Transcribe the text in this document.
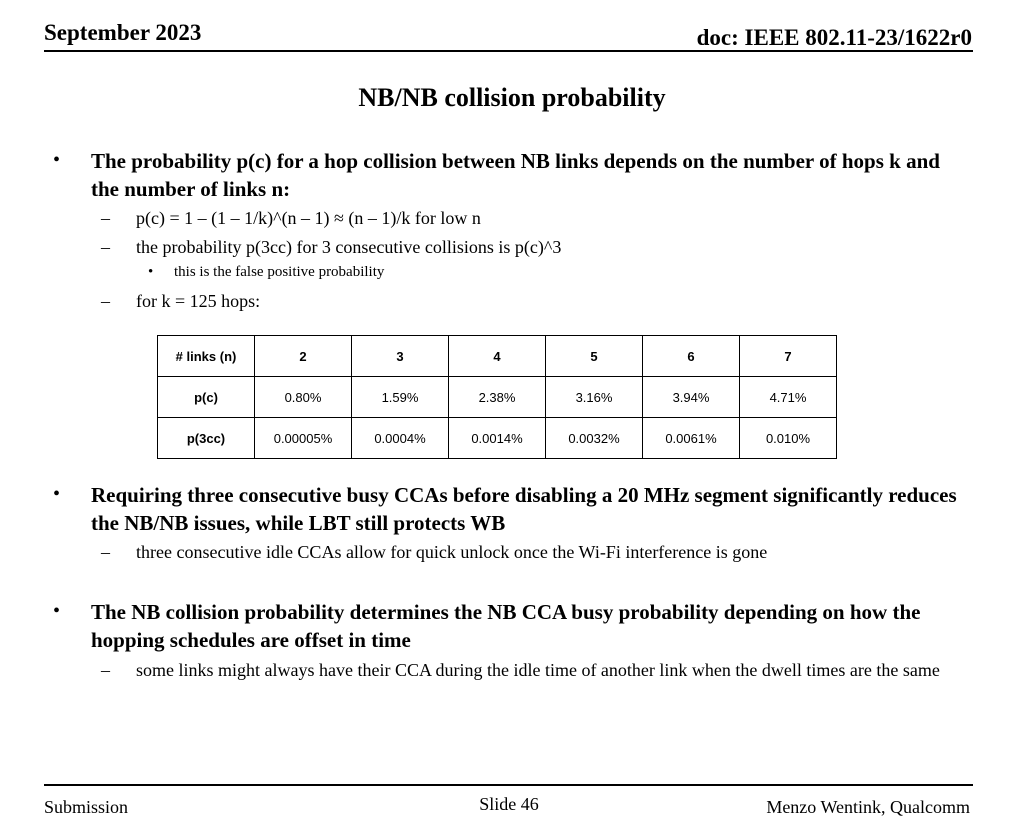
September 2023	doc: IEEE 802.11-23/1622r0
NB/NB collision probability
• The probability p(c) for a hop collision between NB links depends on the number of hops k and the number of links n:
– p(c) = 1 – (1 – 1/k)^(n – 1) ≈ (n – 1)/k for low n
– the probability p(3cc) for 3 consecutive collisions is p(c)^3
• this is the false positive probability
– for k = 125 hops:
# links (n)	2	3	4	5	6	7
p(c)	0.80%	1.59%	2.38%	3.16%	3.94%	4.71%
p(3cc)	0.00005%	0.0004%	0.0014%	0.0032%	0.0061%	0.010%
• Requiring three consecutive busy CCAs before disabling a 20 MHz segment significantly reduces the NB/NB issues, while LBT still protects WB
– three consecutive idle CCAs allow for quick unlock once the Wi-Fi interference is gone
• The NB collision probability determines the NB CCA busy probability depending on how the hopping schedules are offset in time
– some links might always have their CCA during the idle time of another link when the dwell times are the same
Submission	Slide 46	Menzo Wentink, Qualcomm
